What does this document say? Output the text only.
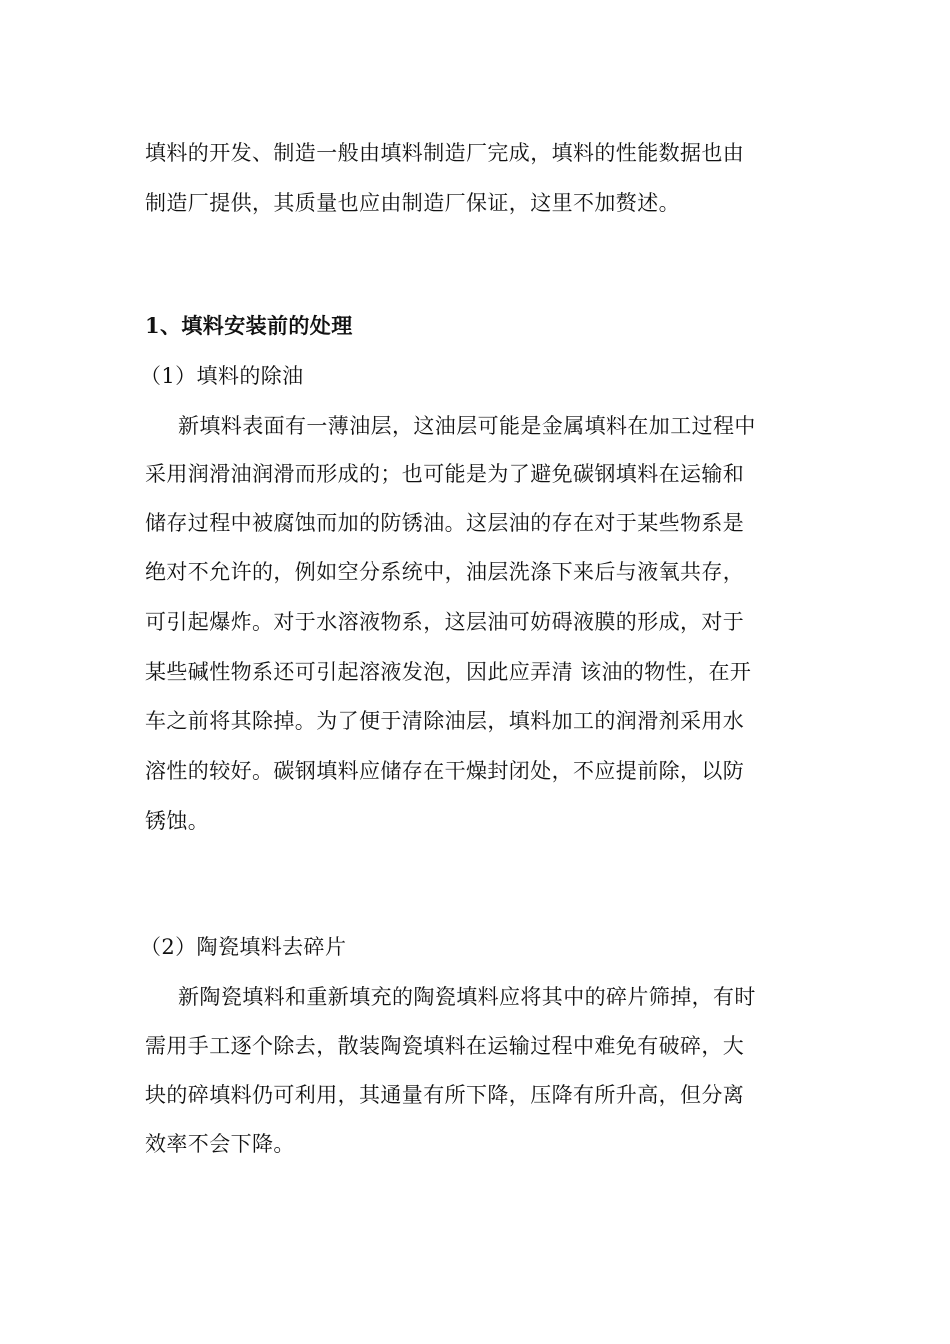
填料的开发、制造一般由填料制造厂完成，填料的性能数据也由
制造厂提供，其质量也应由制造厂保证，这里不加赘述。
1、填料安装前的处理
（1）填料的除油
新填料表面有一薄油层，这油层可能是金属填料在加工过程中
采用润滑油润滑而形成的；也可能是为了避免碳钢填料在运输和
储存过程中被腐蚀而加的防锈油。这层油的存在对于某些物系是
绝对不允许的，例如空分系统中，油层洗涤下来后与液氧共存，
可引起爆炸。对于水溶液物系，这层油可妨碍液膜的形成，对于
某些碱性物系还可引起溶液发泡，因此应弄清 该油的物性，在开
车之前将其除掉。为了便于清除油层，填料加工的润滑剂采用水
溶性的较好。碳钢填料应储存在干燥封闭处，不应提前除，以防
锈蚀。
（2）陶瓷填料去碎片
新陶瓷填料和重新填充的陶瓷填料应将其中的碎片筛掉，有时
需用手工逐个除去，散装陶瓷填料在运输过程中难免有破碎，大
块的碎填料仍可利用，其通量有所下降，压降有所升高，但分离
效率不会下降。
